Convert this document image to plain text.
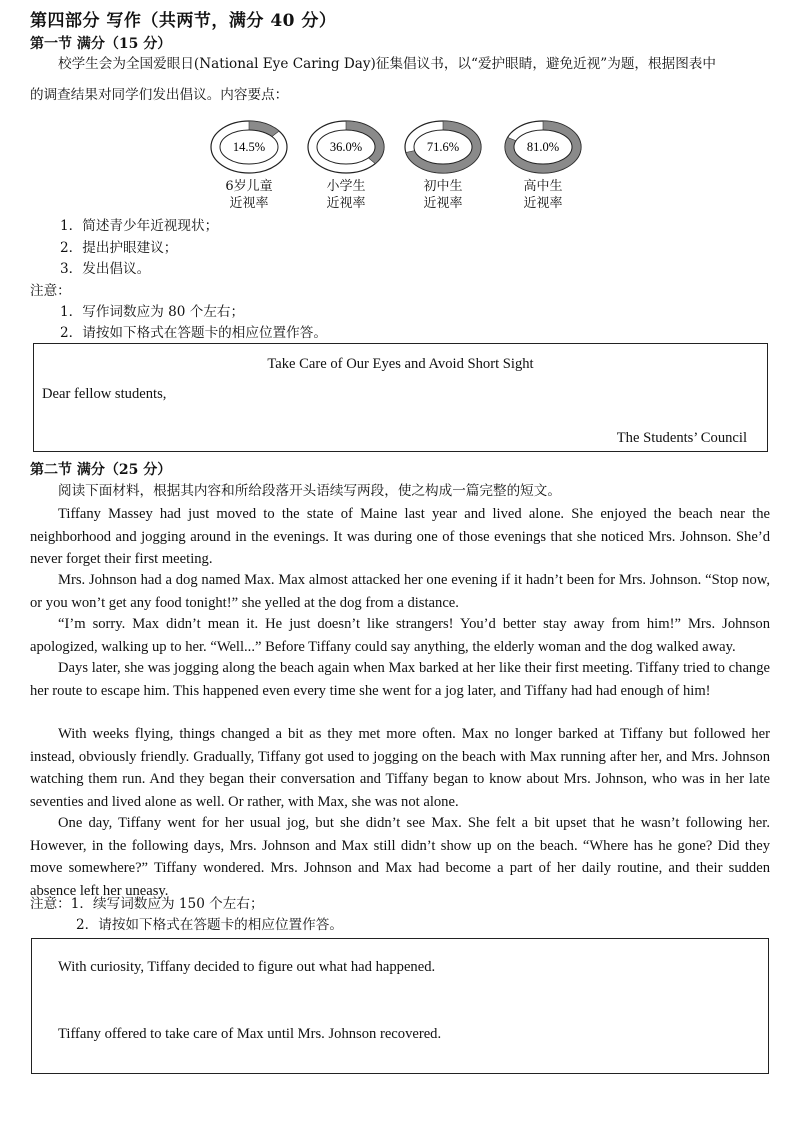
第四部分 写作（共两节，满分 40 分）
第一节 满分（15 分）
校学生会为全国爱眼日(National Eye Caring Day)征集倡议书，以“爱护眼睛，避免近视”为题，根据图表中
的调查结果对同学们发出倡议。内容要点：
14.5%
6岁儿童
近视率
36.0%
小学生
近视率
71.6%
初中生
近视率
81.0%
高中生
近视率
1．简述青少年近视现状；
2．提出护眼建议；
3．发出倡议。
注意：
1．写作词数应为 80 个左右；
2．请按如下格式在答题卡的相应位置作答。
Take Care of Our Eyes and Avoid Short Sight
Dear fellow students,
The Students’ Council
第二节 满分（25 分）
阅读下面材料，根据其内容和所给段落开头语续写两段，使之构成一篇完整的短文。

Tiffany Massey had just moved to the state of Maine last year and lived alone. She enjoyed the beach near the neighborhood and jogging around in the evenings. It was during one of those evenings that she noticed Mrs. Johnson. She’d never forget their first meeting.

Mrs. Johnson had a dog named Max. Max almost attacked her one evening if it hadn’t been for Mrs. Johnson. “Stop now, or you won’t get any food tonight!” she yelled at the dog from a distance.

“I’m sorry. Max didn’t mean it. He just doesn’t like strangers! You’d better stay away from him!” Mrs. Johnson apologized, walking up to her. “Well...” Before Tiffany could say anything, the elderly woman and the dog walked away.

Days later, she was jogging along the beach again when Max barked at her like their first meeting. Tiffany tried to change her route to escape him. This happened even every time she went for a jog later, and Tiffany had had enough of him!

With weeks flying, things changed a bit as they met more often. Max no longer barked at Tiffany but followed her instead, obviously friendly. Gradually, Tiffany got used to jogging on the beach with Max running after her, and Mrs. Johnson watching them run. And they began their conversation and Tiffany began to know about Mrs. Johnson, who was in her late seventies and lived alone as well. Or rather, with Max, she was not alone.

One day, Tiffany went for her usual jog, but she didn’t see Max. She felt a bit upset that he wasn’t following her. However, in the following days, Mrs. Johnson and Max still didn’t show up on the beach. “Where has he gone? Did they move somewhere?” Tiffany wondered. Mrs. Johnson and Max had become a part of her daily routine, and their sudden absence left her uneasy.

注意：1．续写词数应为 150 个左右；
2．请按如下格式在答题卡的相应位置作答。
With curiosity, Tiffany decided to figure out what had happened.
Tiffany offered to take care of Max until Mrs. Johnson recovered.
